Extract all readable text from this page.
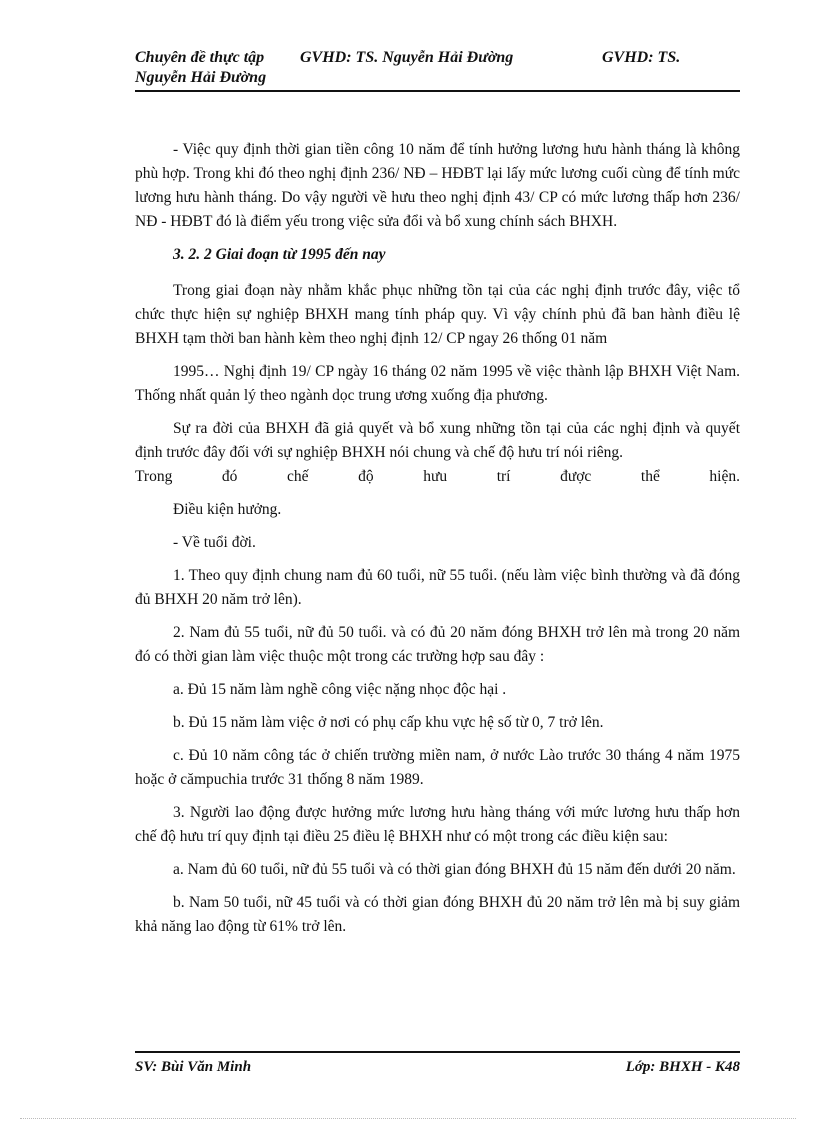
Chuyên đề thực tập GVHD: TS. Nguyễn Hải Đường	GVHD: TS.
Nguyễn Hải Đường

- Việc quy định thời gian tiền công 10 năm để tính hưởng lương hưu hành tháng là không phù hợp. Trong khi đó theo nghị định 236/ NĐ – HĐBT lại lấy mức lương cuối cùng để tính mức lương hưu hành tháng. Do vậy người về hưu theo nghị định 43/ CP có mức lương thấp hơn 236/ NĐ - HĐBT đó là điểm yếu trong việc sửa đổi và bổ xung chính sách BHXH.

3. 2. 2 Giai đoạn từ 1995 đến nay

Trong giai đoạn này nhằm khắc phục những tồn tại của các nghị định trước đây, việc tổ chức thực hiện sự nghiệp BHXH mang tính pháp quy. Vì vậy chính phủ đã ban hành điều lệ BHXH tạm thời ban hành kèm theo nghị định 12/ CP ngay 26 thống 01 năm

1995… Nghị định 19/ CP ngày 16 tháng 02 năm 1995 về việc thành lập BHXH Việt Nam. Thống nhất quản lý theo ngành dọc trung ương xuống địa phương.

Sự ra đời của BHXH đã giả quyết và bổ xung những tồn tại của các nghị định và quyết định trước đây đối với sự nghiệp BHXH nói chung và chế độ hưu trí nói riêng.

Trong đó chế độ hưu trí được thể hiện.

Điều kiện hưởng.

- Về tuổi đời.

1. Theo quy định chung nam đủ 60 tuổi, nữ 55 tuổi. (nếu làm việc bình thường và đã đóng đủ BHXH 20 năm trở lên).

2. Nam đủ 55 tuổi, nữ đủ 50 tuổi. và có đủ 20 năm đóng BHXH trở lên mà trong 20 năm đó có thời gian làm việc thuộc một trong các trường hợp sau đây :

a. Đủ 15 năm làm nghề công việc nặng nhọc độc hại .

b. Đủ 15 năm làm việc ở nơi có phụ cấp khu vực hệ số từ 0, 7 trở lên.

c. Đủ 10 năm công tác ở chiến trường miền nam, ở nước Lào trước 30 tháng 4 năm 1975 hoặc ở cămpuchia trước 31 thống 8 năm 1989.

3. Người lao động được hưởng mức lương hưu hàng tháng với mức lương hưu thấp hơn chế độ hưu trí quy định tại điều 25 điều lệ BHXH như có một trong các điều kiện sau:

a. Nam đủ 60 tuổi, nữ đủ 55 tuổi và có thời gian đóng BHXH đủ 15 năm đến dưới 20 năm.

b. Nam 50 tuổi, nữ 45 tuổi và có thời gian đóng BHXH đủ 20 năm trở lên mà bị suy giảm khả năng lao động từ 61% trở lên.

SV: Bùi Văn Minh	Lớp: BHXH - K48
